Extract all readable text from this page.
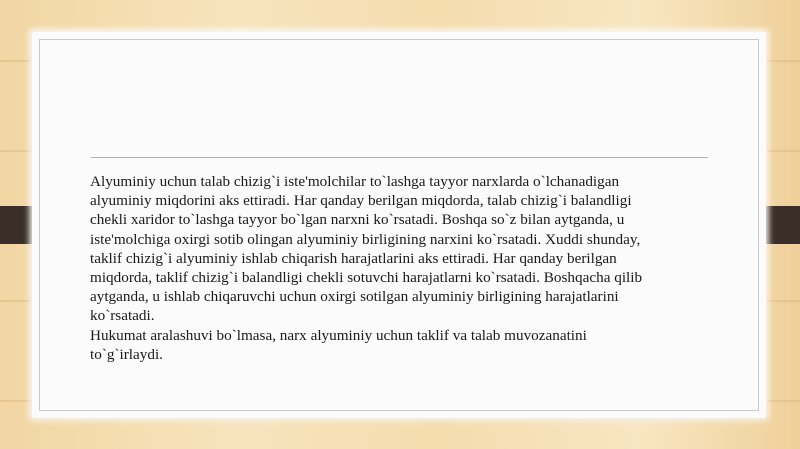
Alyuminiy uchun talab chizig`i iste'molchilar to`lashga tayyor narxlarda o`lchanadigan
alyuminiy miqdorini aks ettiradi. Har qanday berilgan miqdorda, talab chizig`i balandligi
chekli xaridor to`lashga tayyor bo`lgan narxni ko`rsatadi. Boshqa so`z bilan aytganda, u
iste'molchiga oxirgi sotib olingan alyuminiy birligining narxini ko`rsatadi. Xuddi shunday,
taklif chizig`i alyuminiy ishlab chiqarish harajatlarini aks ettiradi. Har qanday berilgan
miqdorda, taklif chizig`i balandligi chekli sotuvchi harajatlarni ko`rsatadi. Boshqacha qilib
aytganda, u ishlab chiqaruvchi uchun oxirgi sotilgan alyuminiy birligining harajatlarini
ko`rsatadi.
Hukumat aralashuvi bo`lmasa, narx alyuminiy uchun taklif va talab muvozanatini
to`g`irlaydi.
